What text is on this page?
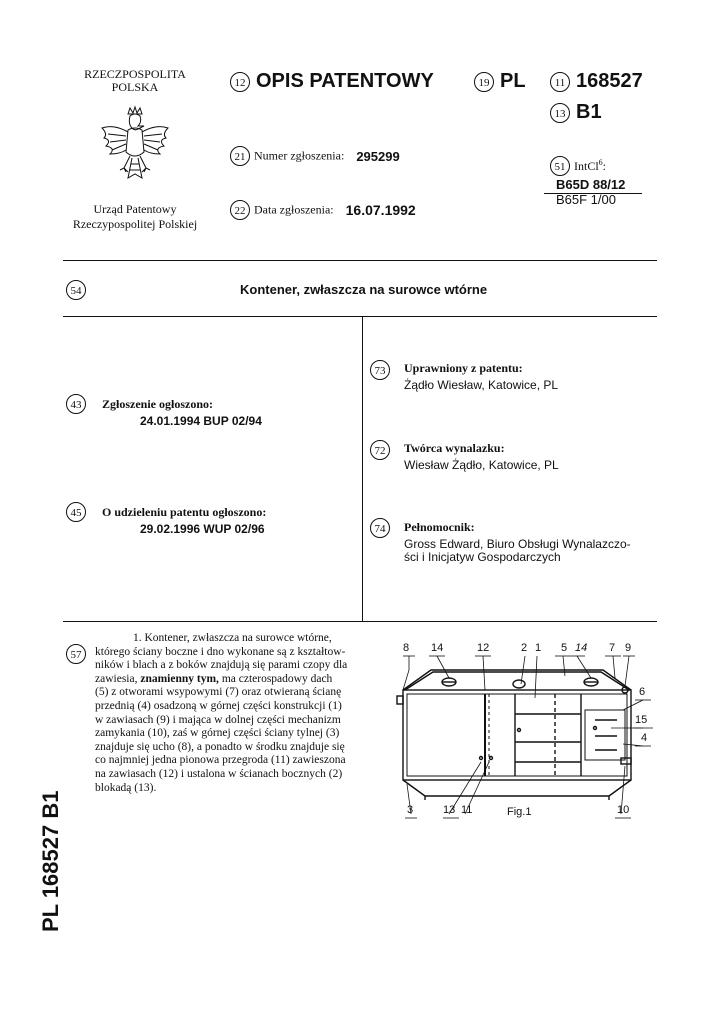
RZECZPOSPOLITA
POLSKA
Urząd Patentowy
Rzeczypospolitej Polskiej
12 OPIS PATENTOWY	19 PL	11 168527
13 B1
21 Numer zgłoszenia: 295299
22 Data zgłoszenia: 16.07.1992
51 IntCl$^6$:
B65D 88/12
B65F 1/00
54	Kontener, zwłaszcza na surowce wtórne
43 Zgłoszenie ogłoszono:
24.01.1994 BUP 02/94
45 O udzieleniu patentu ogłoszono:
29.02.1996 WUP 02/96
73	Uprawniony z patentu:
Żądło Wiesław, Katowice, PL
72	Twórca wynalazku:
Wiesław Żądło, Katowice, PL
74	Pełnomocnik:
Gross Edward, Biuro Obsługi Wynalazczo-
ści i Inicjatyw Gospodarczych
57
1. Kontener, zwłaszcza na surowce wtórne,
którego ściany boczne i dno wykonane są z kształtow-
ników i blach a z boków znajdują się parami czopy dla
zawiesia, znamienny tym, ma czterospadowy dach
(5) z otworami wsypowymi (7) oraz otwieraną ścianę
przednią (4) osadzoną w górnej części konstrukcji (1)
w zawiasach (9) i mająca w dolnej części mechanizm
zamykania (10), zaś w górnej części ściany tylnej (3)
znajduje się ucho (8), a ponadto w środku znajduje się
co najmniej jedna pionowa przegroda (11) zawieszona
na zawiasach (12) i ustalona w ścianach bocznych (2)
blokadą (13).
8 14	12	2 1 5 14 7 9
6
15
4
3	13 11	10
Fig.1
PL 168527 B1
